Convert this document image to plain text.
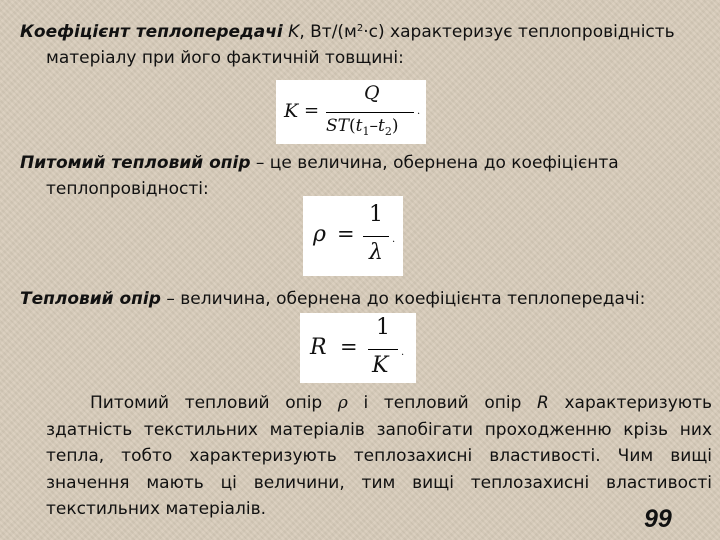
Коефіцієнт теплопередачі K, $Вт/(м^2\cdot с)$ характеризує теплопровідність матеріалу при його фактичній товщині:
K =
Q
$ST(t_1-t_2)$
.
Питомий тепловий опір – це величина, обернена до коефіцієнта теплопровідності:
ρ =
1
λ
.
Тепловий опір – величина, обернена до коефіцієнта теплопередачі:
R =
1
K
.
Питомий тепловий опір ρ і тепловий опір R характеризують здатність текстильних матеріалів запобігати проходженню крізь них тепла, тобто характеризують теплозахисні властивості. Чим вищі значення мають ці величини, тим вищі теплозахисні властивості текстильних матеріалів.	99
